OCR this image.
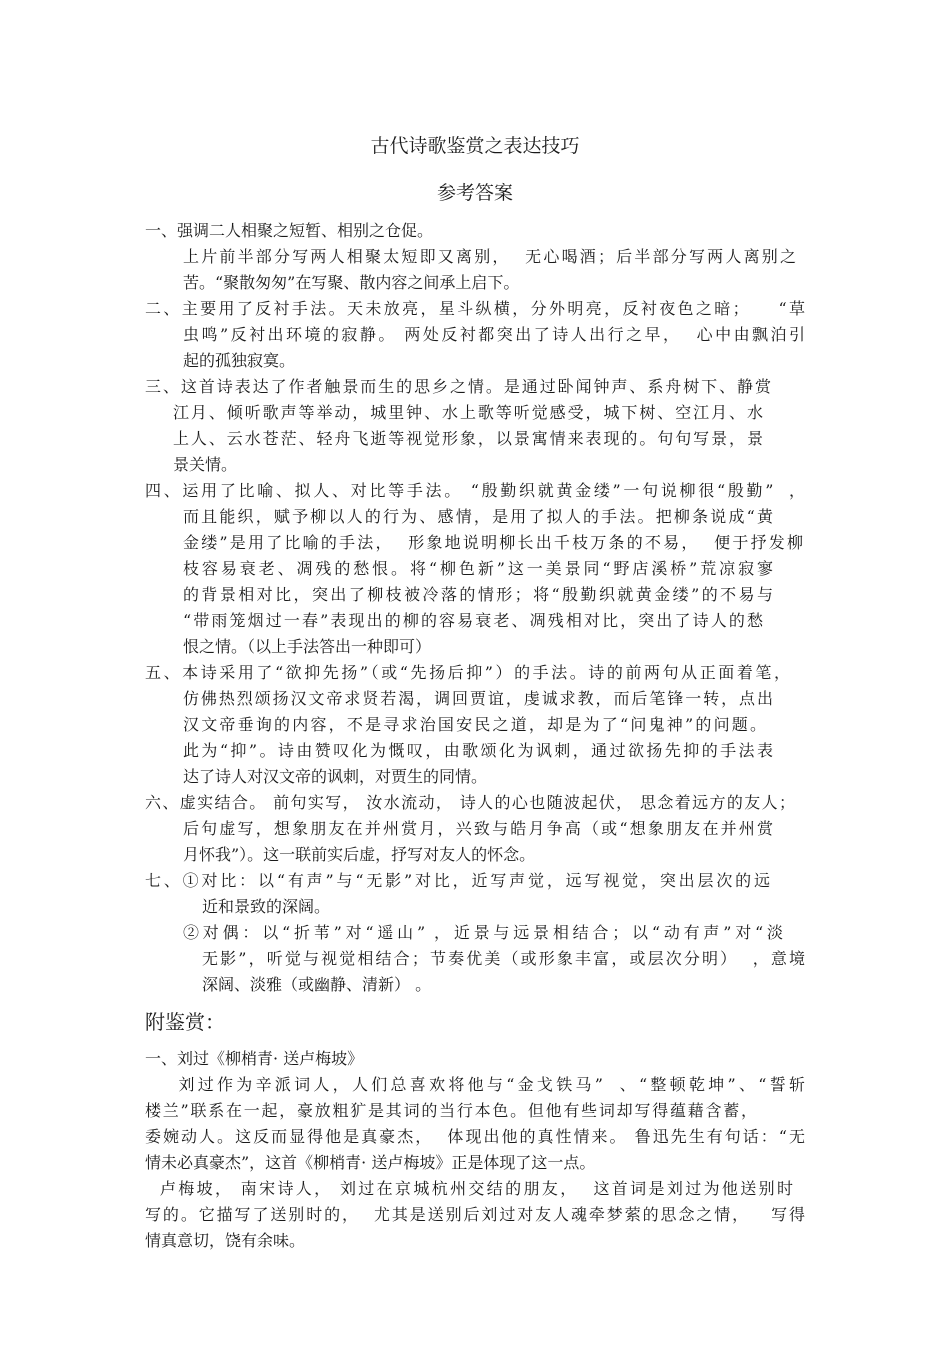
古代诗歌鉴赏之表达技巧
参考答案
一、强调二人相聚之短暂、相别之仓促。
上片前半部分写两人相聚太短即又离别，  无心喝酒；后半部分写两人离别之
苦。“聚散匆匆”在写聚、散内容之间承上启下。
二、主要用了反衬手法。天未放亮，星斗纵横，分外明亮，反衬夜色之暗；    “草
虫鸣”反衬出环境的寂静。 两处反衬都突出了诗人出行之早，  心中由飘泊引
起的孤独寂寞。
三、这首诗表达了作者触景而生的思乡之情。是通过卧闻钟声、系舟树下、静赏
江月、倾听歌声等举动，城里钟、水上歌等听觉感受，城下树、空江月、水
上人、云水苍茫、轻舟飞逝等视觉形象，以景寓情来表现的。句句写景，景
景关情。
四、运用了比喻、拟人、对比等手法。 “殷勤织就黄金缕”一句说柳很“殷勤”  ，
而且能织，赋予柳以人的行为、感情，是用了拟人的手法。把柳条说成“黄
金缕”是用了比喻的手法，  形象地说明柳长出千枝万条的不易，  便于抒发柳
枝容易衰老、凋残的愁恨。将“柳色新”这一美景同“野店溪桥”荒凉寂寥
的背景相对比，突出了柳枝被冷落的情形；将“殷勤织就黄金缕”的不易与
“带雨笼烟过一春”表现出的柳的容易衰老、凋残相对比，突出了诗人的愁
恨之情。（以上手法答出一种即可）
五、本诗采用了“欲抑先扬”（或“先扬后抑”）的手法。诗的前两句从正面着笔，
仿佛热烈颂扬汉文帝求贤若渴，调回贾谊，虔诚求教，而后笔锋一转，点出
汉文帝垂询的内容，不是寻求治国安民之道，却是为了“问鬼神”的问题。
此为“抑”。诗由赞叹化为慨叹，由歌颂化为讽刺，通过欲扬先抑的手法表
达了诗人对汉文帝的讽刺，对贾生的同情。
六、虚实结合。 前句实写， 汝水流动， 诗人的心也随波起伏， 思念着远方的友人；
后句虚写，想象朋友在并州赏月，兴致与皓月争高（或“想象朋友在并州赏
月怀我”）。这一联前实后虚，抒写对友人的怀念。
七、①对比：以“有声”与“无影”对比，近写声觉，远写视觉，突出层次的远
近和景致的深阔。
②对偶：以“折苇”对“遥山” ，近景与远景相结合；以“动有声”对“淡
无影”，听觉与视觉相结合；节奏优美（或形象丰富，或层次分明）  ，意境
深阔、淡雅（或幽静、清新） 。
附鉴赏：
一、刘过《柳梢青· 送卢梅坡》
刘过作为辛派词人，人们总喜欢将他与“金戈铁马”  、“整顿乾坤”、“誓斩
楼兰”联系在一起，豪放粗犷是其词的当行本色。但他有些词却写得蕴藉含蓄，
委婉动人。这反而显得他是真豪杰，  体现出他的真性情来。 鲁迅先生有句话：“无
情未必真豪杰”，这首《柳梢青· 送卢梅坡》正是体现了这一点。
卢梅坡， 南宋诗人， 刘过在京城杭州交结的朋友，  这首词是刘过为他送别时
写的。它描写了送别时的，  尤其是送别后刘过对友人魂牵梦萦的思念之情，   写得
情真意切，饶有余味。
